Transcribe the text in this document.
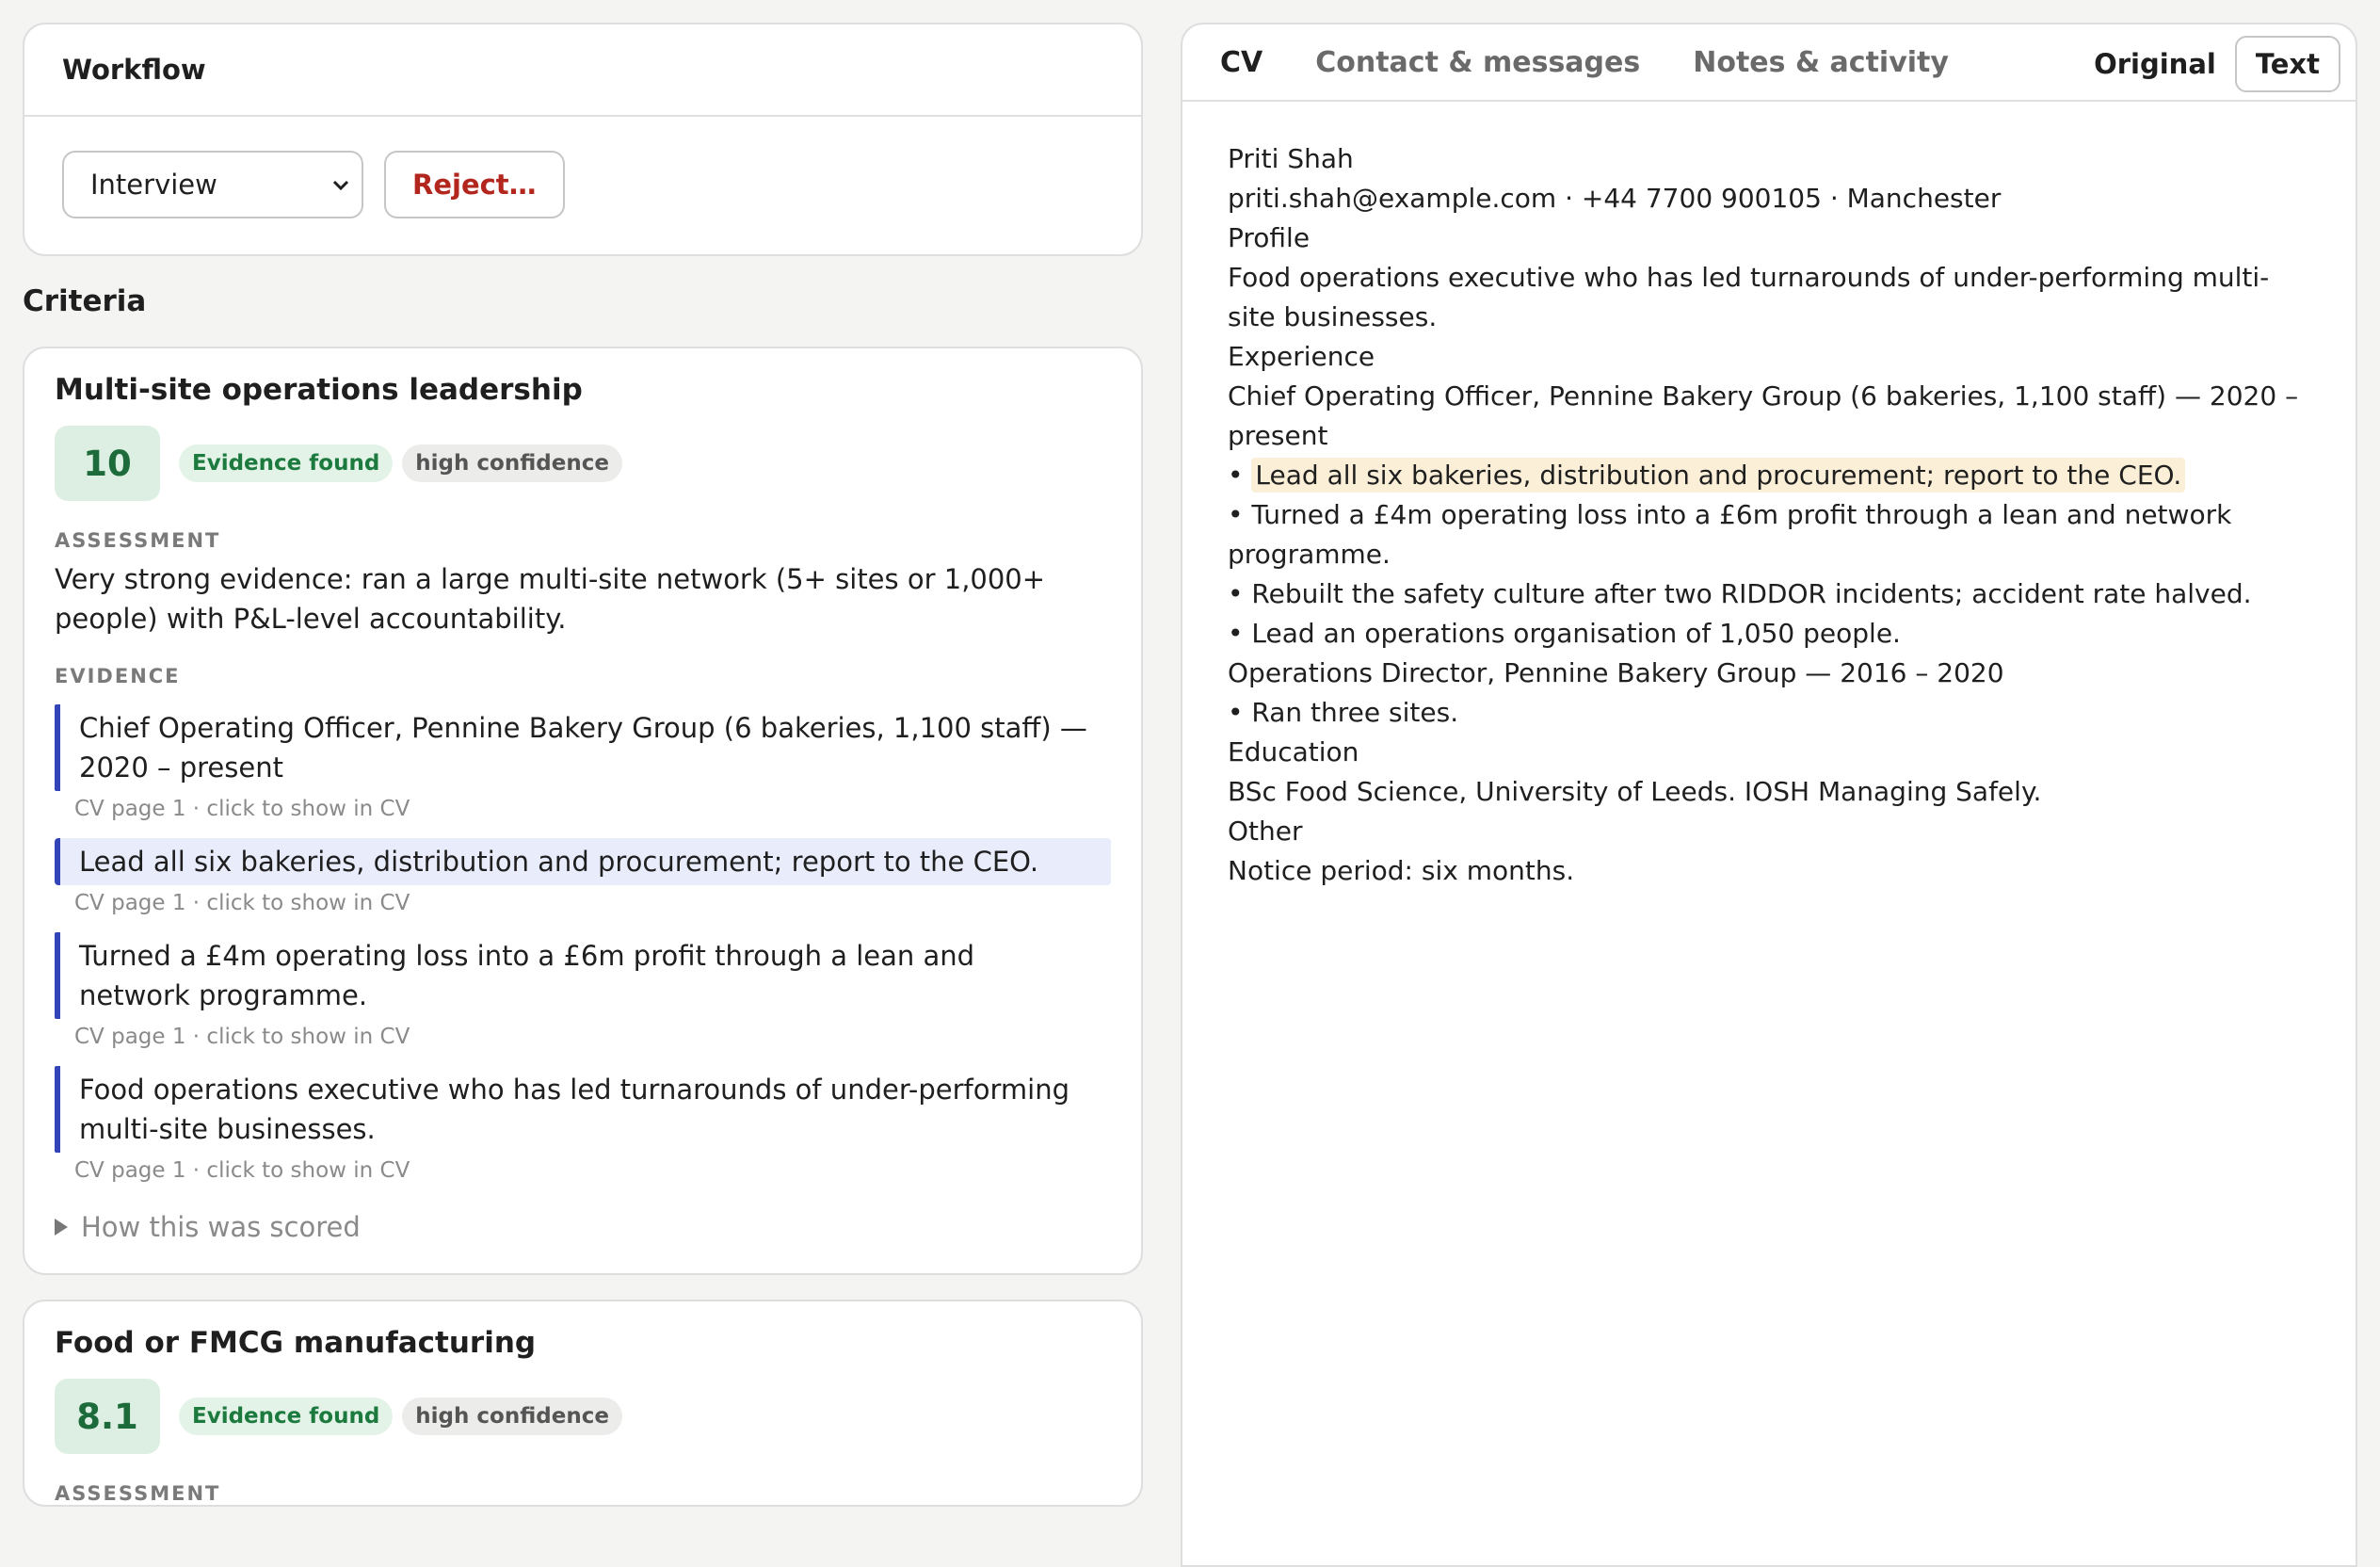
Workflow
Interview	Reject…
Criteria
Multi-site operations leadership
10	Evidence found	high confidence
ASSESSMENT
Very strong evidence: ran a large multi-site network (5+ sites or 1,000+ people) with P&L-level accountability.
EVIDENCE
Chief Operating Officer, Pennine Bakery Group (6 bakeries, 1,100 staff) — 2020 – present
CV page 1 · click to show in CV
Lead all six bakeries, distribution and procurement; report to the CEO.
CV page 1 · click to show in CV
Turned a £4m operating loss into a £6m profit through a lean and network programme.
CV page 1 · click to show in CV
Food operations executive who has led turnarounds of under-performing multi-site businesses.
CV page 1 · click to show in CV
How this was scored
Food or FMCG manufacturing
8.1	Evidence found	high confidence
ASSESSMENT
CV Contact & messages Notes & activity	Original	Text
Priti Shah
priti.shah@example.com · +44 7700 900105 · Manchester
Profile
Food operations executive who has led turnarounds of under-performing multi-site businesses.
Experience
Chief Operating Officer, Pennine Bakery Group (6 bakeries, 1,100 staff) — 2020 – present
• Lead all six bakeries, distribution and procurement; report to the CEO.
• Turned a £4m operating loss into a £6m profit through a lean and network programme.
• Rebuilt the safety culture after two RIDDOR incidents; accident rate halved.
• Lead an operations organisation of 1,050 people.
Operations Director, Pennine Bakery Group — 2016 – 2020
• Ran three sites.
Education
BSc Food Science, University of Leeds. IOSH Managing Safely.
Other
Notice period: six months.
